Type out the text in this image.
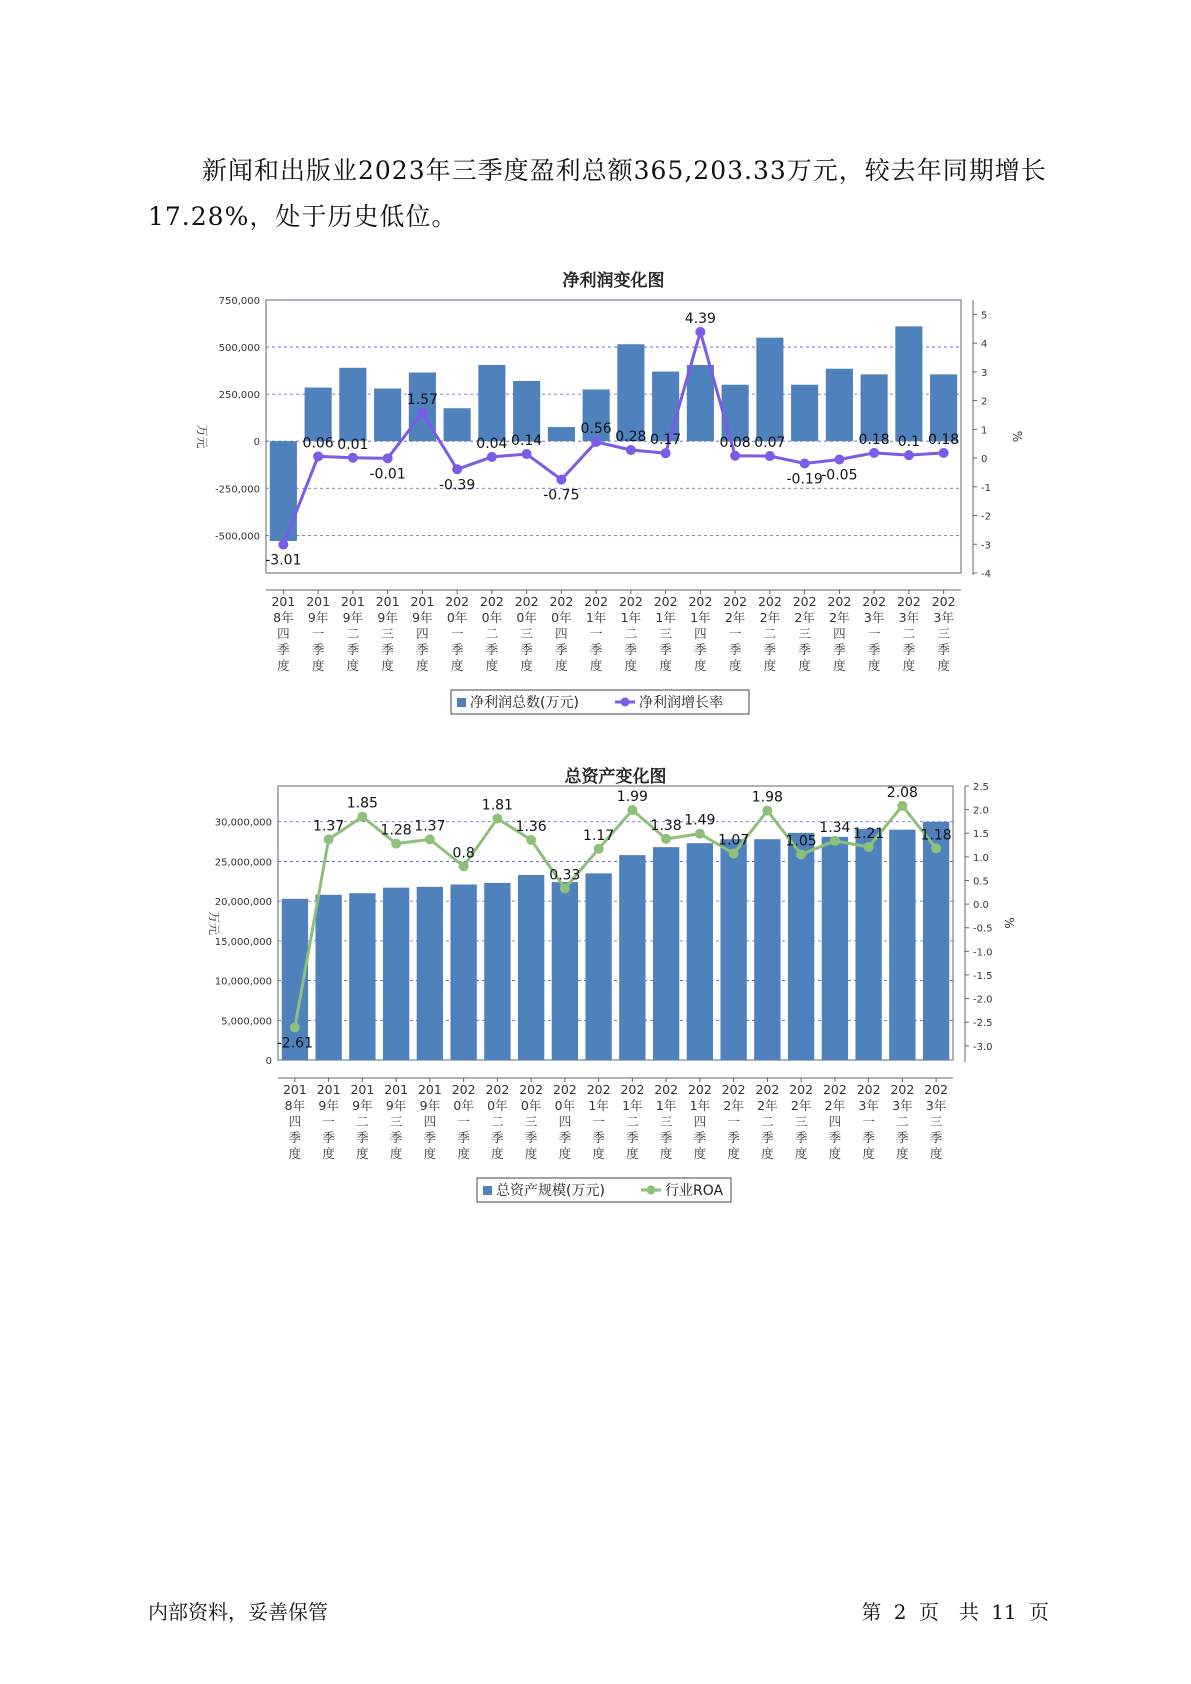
新闻和出版业2023年三季度盈利总额365,203.33万元，较去年同期增长17.28%，处于历史低位。

净利润变化图
750,000
500,000
250,000
0
-250,000
-500,000
5
4
3
2
1
0
-1
-2
-3
-4
万元	%
-3.01
0.06 0.01
-0.01
1.57
-0.39
0.04 0.14
-0.75
0.56
0.28 0.17
4.39
0.08 0.07
-0.19
-0.05
0.18 0.1 0.18
201
8年
四
季
度
201
9年
一
季
度
201
9年
二
季
度
201
9年
三
季
度
201
9年
四
季
度
202
0年
一
季
度
202
0年
二
季
度
202
0年
三
季
度
202
0年
四
季
度
202
1年
一
季
度
202
1年
二
季
度
202
1年
三
季
度
202
1年
四
季
度
202
2年
一
季
度
202
2年
二
季
度
202
2年
三
季
度
202
2年
四
季
度
202
3年
一
季
度
202
3年
二
季
度
202
3年
三
季
度
净利润总数(万元)	净利润增长率
总资产变化图
30,000,000
25,000,000
20,000,000
15,000,000
10,000,000
5,000,000
0
2.5
2.0
1.5
1.0
0.5
0.0
-0.5
-1.0
-1.5
-2.0
-2.5
-3.0
万元	%
-2.61
1.37
1.85
1.28 1.37
0.8
1.81
1.36
0.33
1.17
1.99
1.38 1.49
1.07
1.98
1.05
1.34 1.21
2.08
1.18
201
8年
四
季
度
201
9年
一
季
度
201
9年
二
季
度
201
9年
三
季
度
201
9年
四
季
度
202
0年
一
季
度
202
0年
二
季
度
202
0年
三
季
度
202
0年
四
季
度
202
1年
一
季
度
202
1年
二
季
度
202
1年
三
季
度
202
1年
四
季
度
202
2年
一
季
度
202
2年
二
季
度
202
2年
三
季
度
202
2年
四
季
度
202
3年
一
季
度
202
3年
二
季
度
202
3年
三
季
度
总资产规模(万元)	行业ROA
内部资料，妥善保管	第 2 页　共 11 页
